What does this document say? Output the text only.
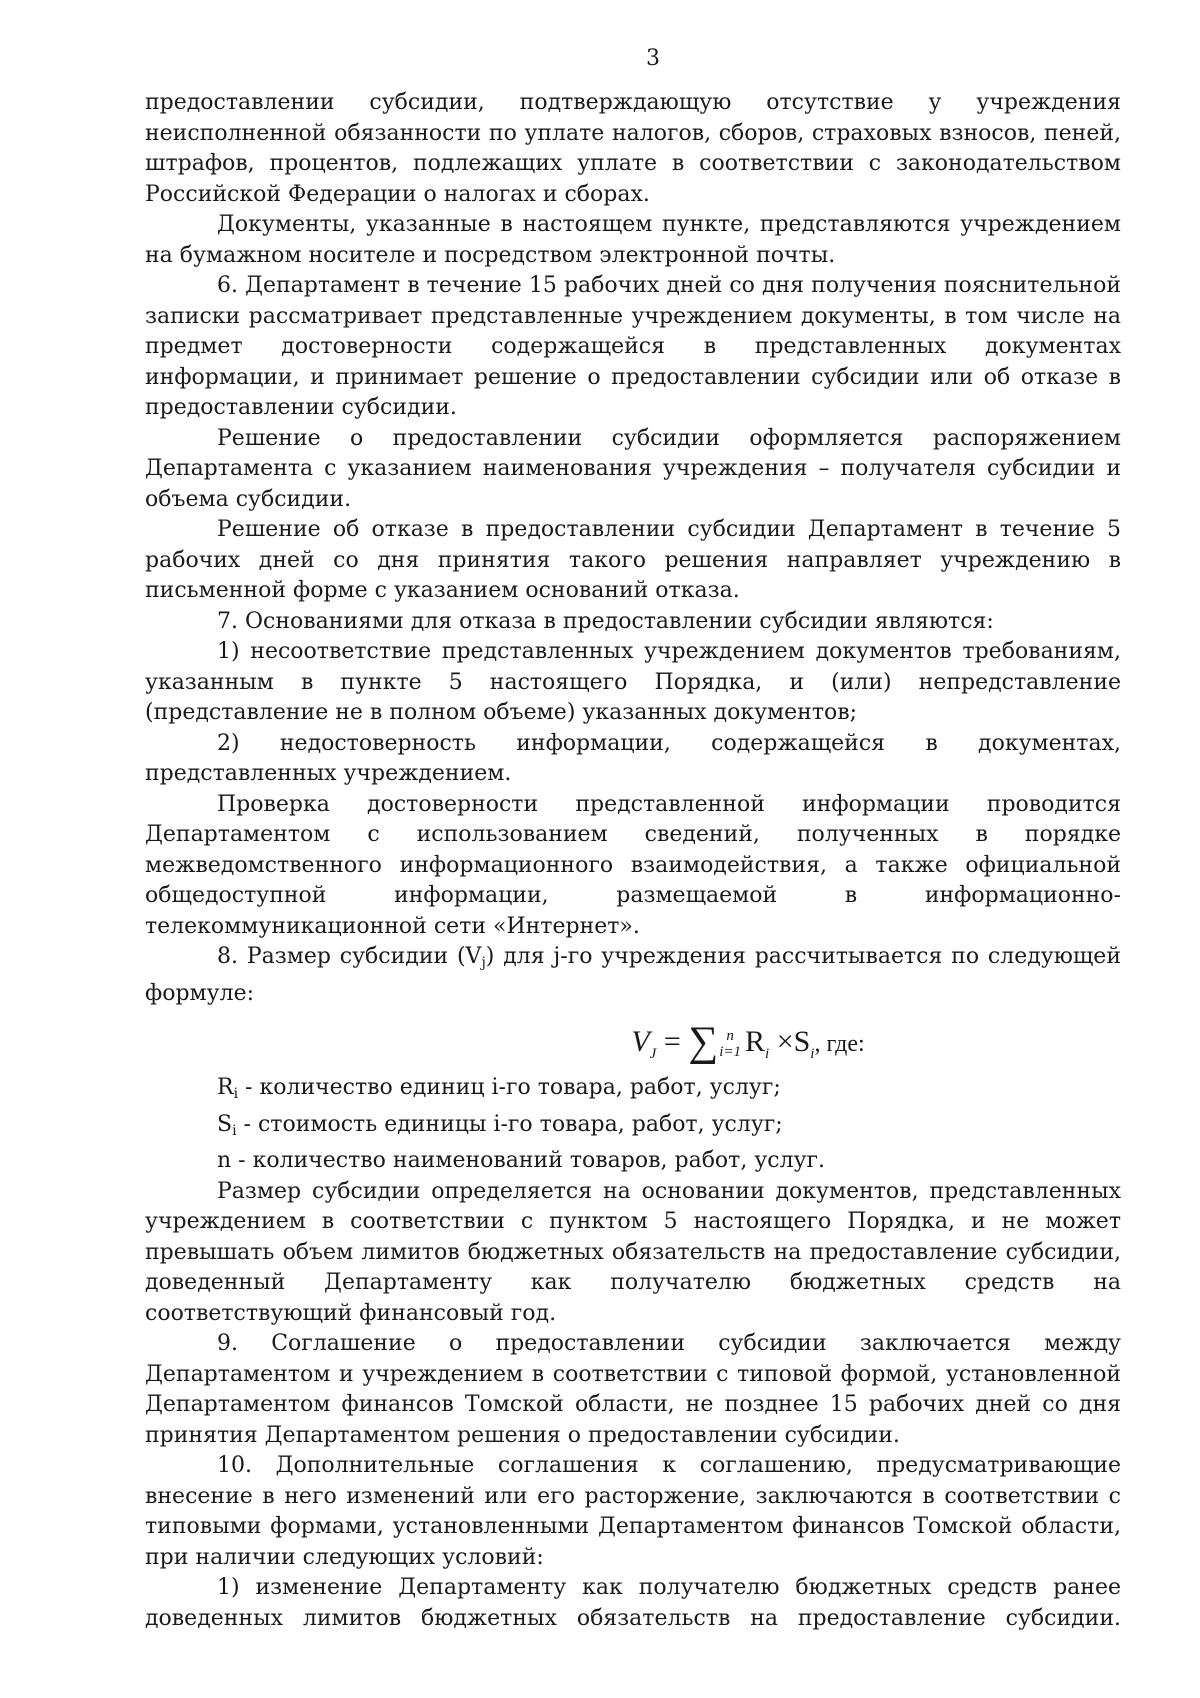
3

предоставлении субсидии, подтверждающую отсутствие у учреждения неисполненной обязанности по уплате налогов, сборов, страховых взносов, пеней, штрафов, процентов, подлежащих уплате в соответствии с законодательством Российской Федерации о налогах и сборах.

Документы, указанные в настоящем пункте, представляются учреждением на бумажном носителе и посредством электронной почты.

6. Департамент в течение 15 рабочих дней со дня получения пояснительной записки рассматривает представленные учреждением документы, в том числе на предмет достоверности содержащейся в представленных документах информации, и принимает решение о предоставлении субсидии или об отказе в предоставлении субсидии.

Решение о предоставлении субсидии оформляется распоряжением Департамента с указанием наименования учреждения – получателя субсидии и объема субсидии.

Решение об отказе в предоставлении субсидии Департамент в течение 5 рабочих дней со дня принятия такого решения направляет учреждению в письменной форме с указанием оснований отказа.

7. Основаниями для отказа в предоставлении субсидии являются:

1) несоответствие представленных учреждением документов требованиям, указанным в пункте 5 настоящего Порядка, и (или) непредставление (представление не в полном объеме) указанных документов;

2) недостоверность информации, содержащейся в документах, представленных учреждением.

Проверка достоверности представленной информации проводится Департаментом с использованием сведений, полученных в порядке межведомственного информационного взаимодействия, а также официальной общедоступной информации, размещаемой в информационно-телекоммуникационной сети «Интернет».

8. Размер субсидии (Vj) для j-го учреждения рассчитывается по следующей формуле:

$V_J$ = ∑ n
i=1 $R_i \times S_i$, где:

Ri - количество единиц i-го товара, работ, услуг;

Si - стоимость единицы i-го товара, работ, услуг;

n - количество наименований товаров, работ, услуг.

Размер субсидии определяется на основании документов, представленных учреждением в соответствии с пунктом 5 настоящего Порядка, и не может превышать объем лимитов бюджетных обязательств на предоставление субсидии, доведенный Департаменту как получателю бюджетных средств на соответствующий финансовый год.

9. Соглашение о предоставлении субсидии заключается между Департаментом и учреждением в соответствии с типовой формой, установленной Департаментом финансов Томской области, не позднее 15 рабочих дней со дня принятия Департаментом решения о предоставлении субсидии.

10. Дополнительные соглашения к соглашению, предусматривающие внесение в него изменений или его расторжение, заключаются в соответствии с типовыми формами, установленными Департаментом финансов Томской области, при наличии следующих условий:

1) изменение Департаменту как получателю бюджетных средств ранее доведенных лимитов бюджетных обязательств на предоставление субсидии.
